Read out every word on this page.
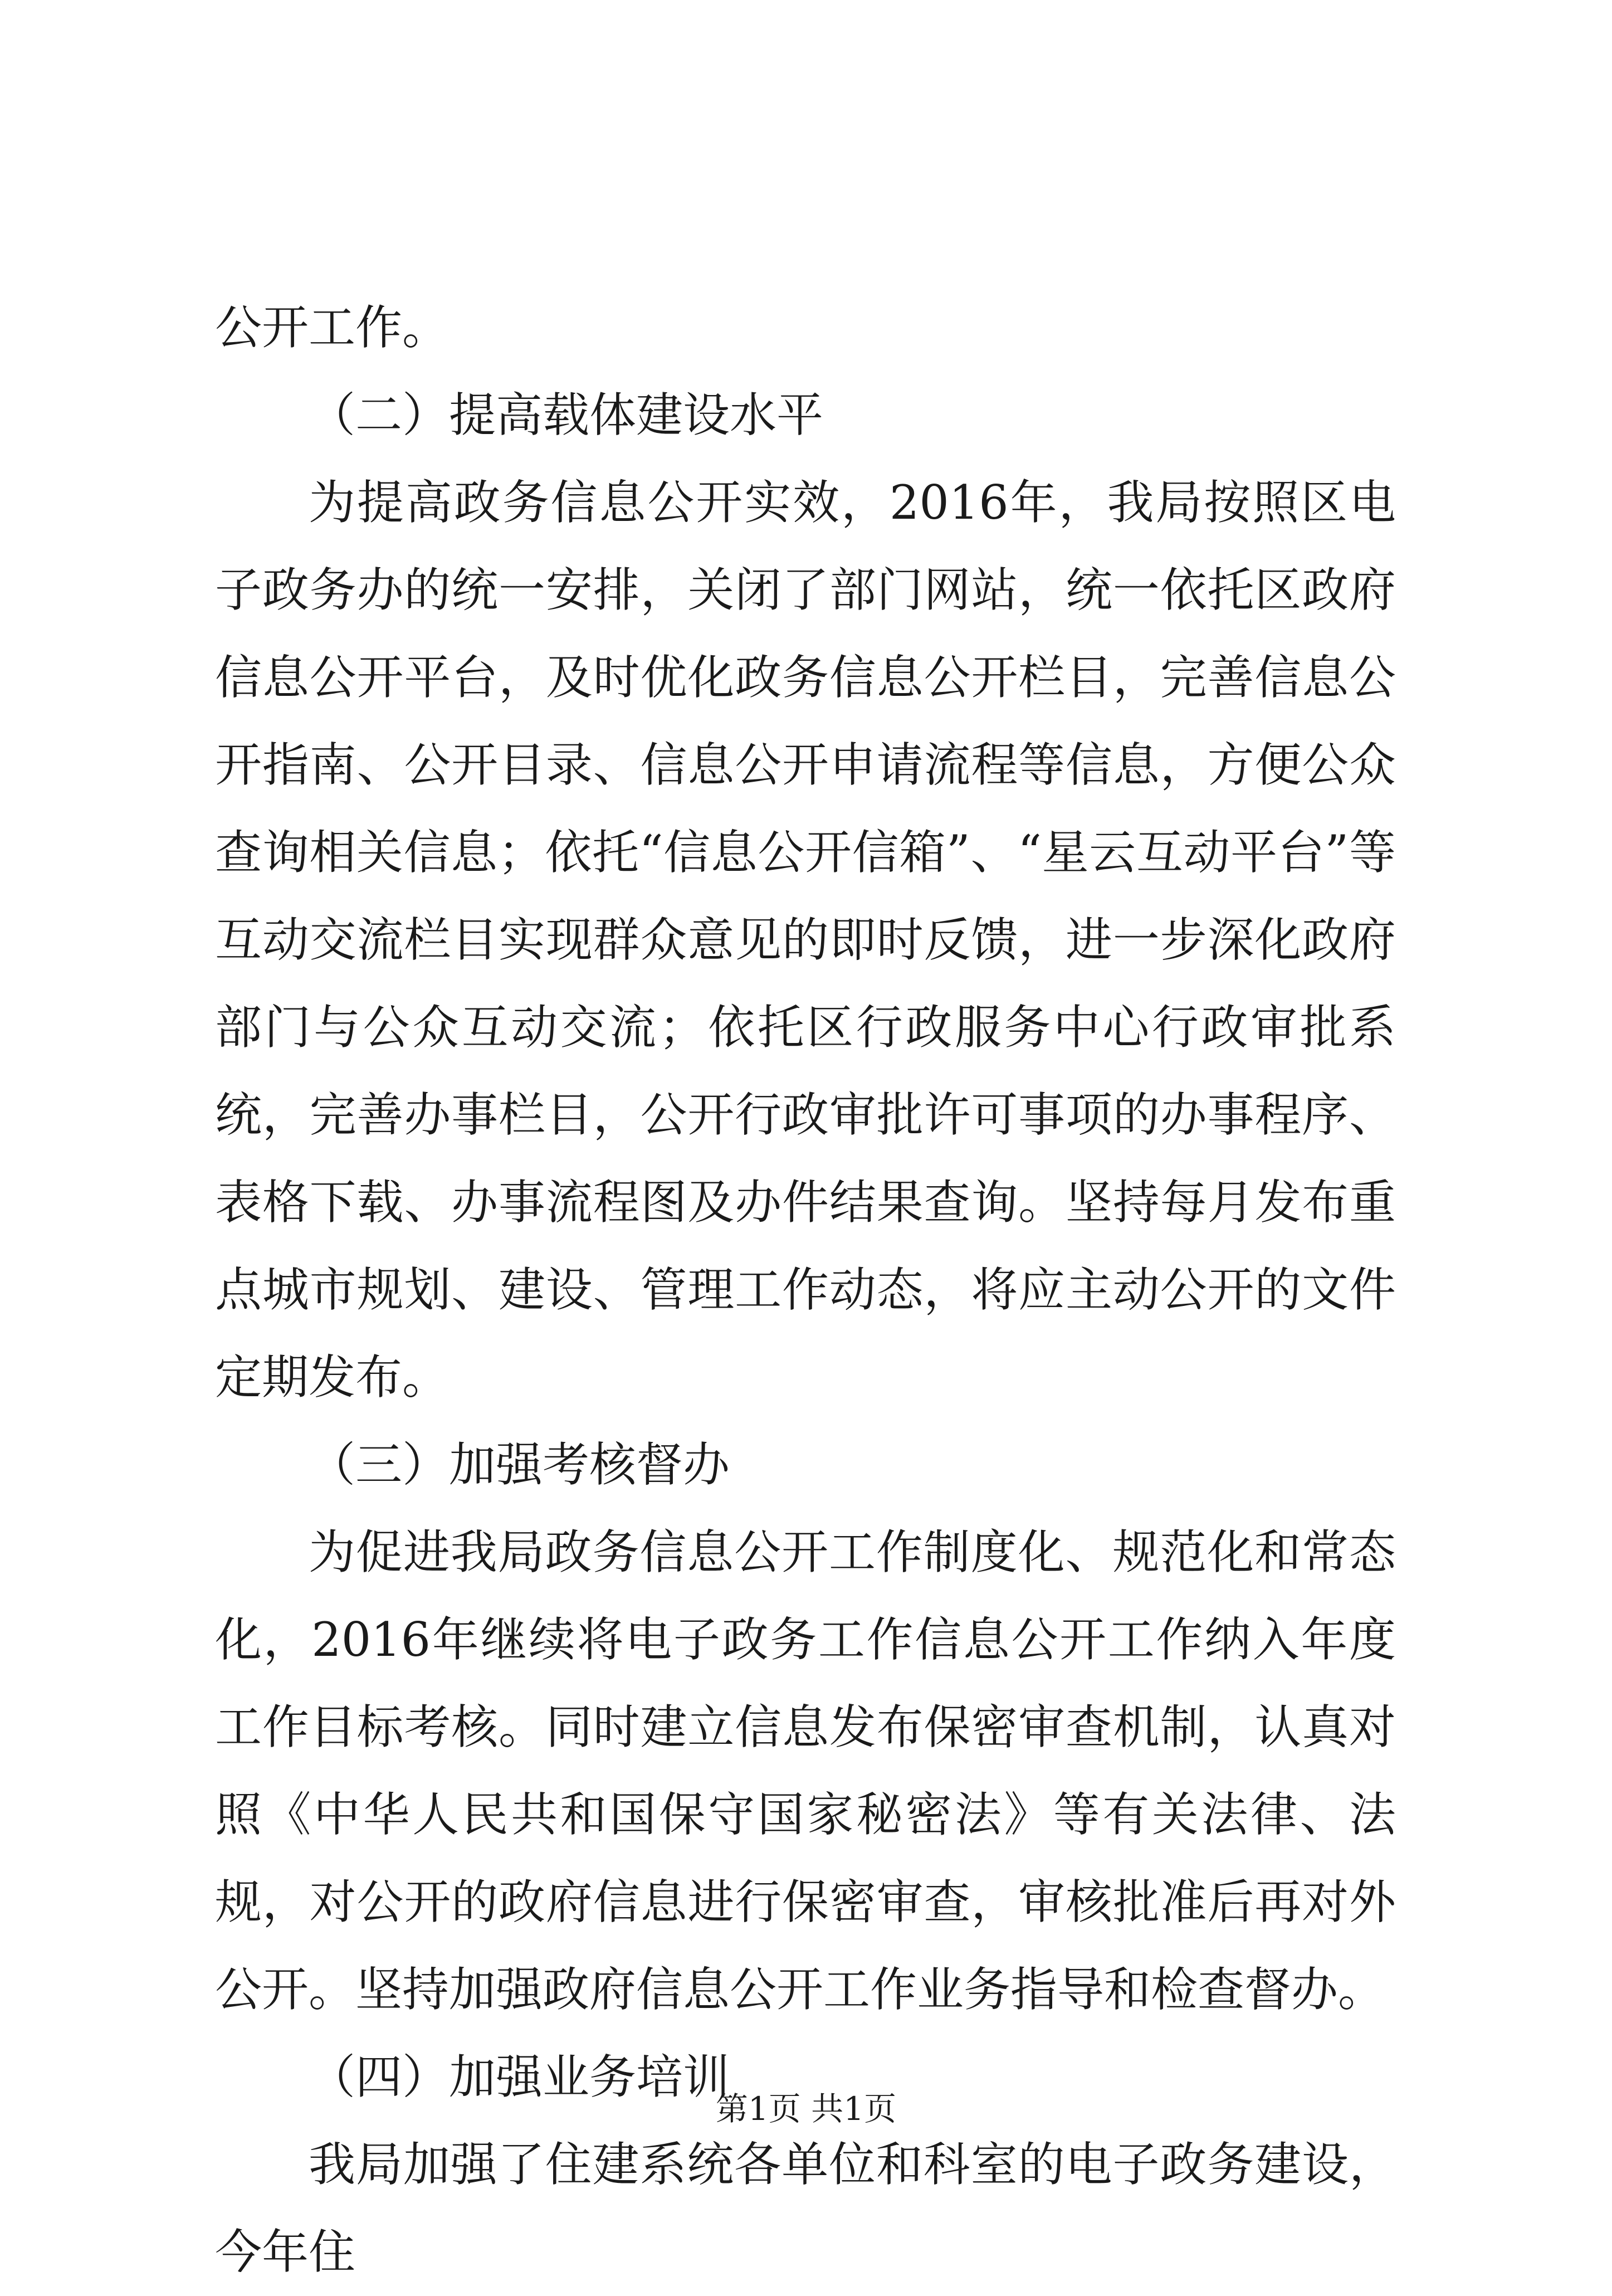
公开工作。

（二）提高载体建设水平

为提高政务信息公开实效，2016年，我局按照区电子政务办的统一安排，关闭了部门网站，统一依托区政府信息公开平台，及时优化政务信息公开栏目，完善信息公开指南、公开目录、信息公开申请流程等信息，方便公众查询相关信息；依托“信息公开信箱”、“星云互动平台”等互动交流栏目实现群众意见的即时反馈，进一步深化政府部门与公众互动交流；依托区行政服务中心行政审批系统，完善办事栏目，公开行政审批许可事项的办事程序、表格下载、办事流程图及办件结果查询。坚持每月发布重点城市规划、建设、管理工作动态，将应主动公开的文件定期发布。

（三）加强考核督办

为促进我局政务信息公开工作制度化、规范化和常态化，2016年继续将电子政务工作信息公开工作纳入年度工作目标考核。同时建立信息发布保密审查机制，认真对照《中华人民共和国保守国家秘密法》等有关法律、法规，对公开的政府信息进行保密审查，审核批准后再对外公开。坚持加强政府信息公开工作业务指导和检查督办。

（四）加强业务培训

我局加强了住建系统各单位和科室的电子政务建设，今年住

第1页 共1页
